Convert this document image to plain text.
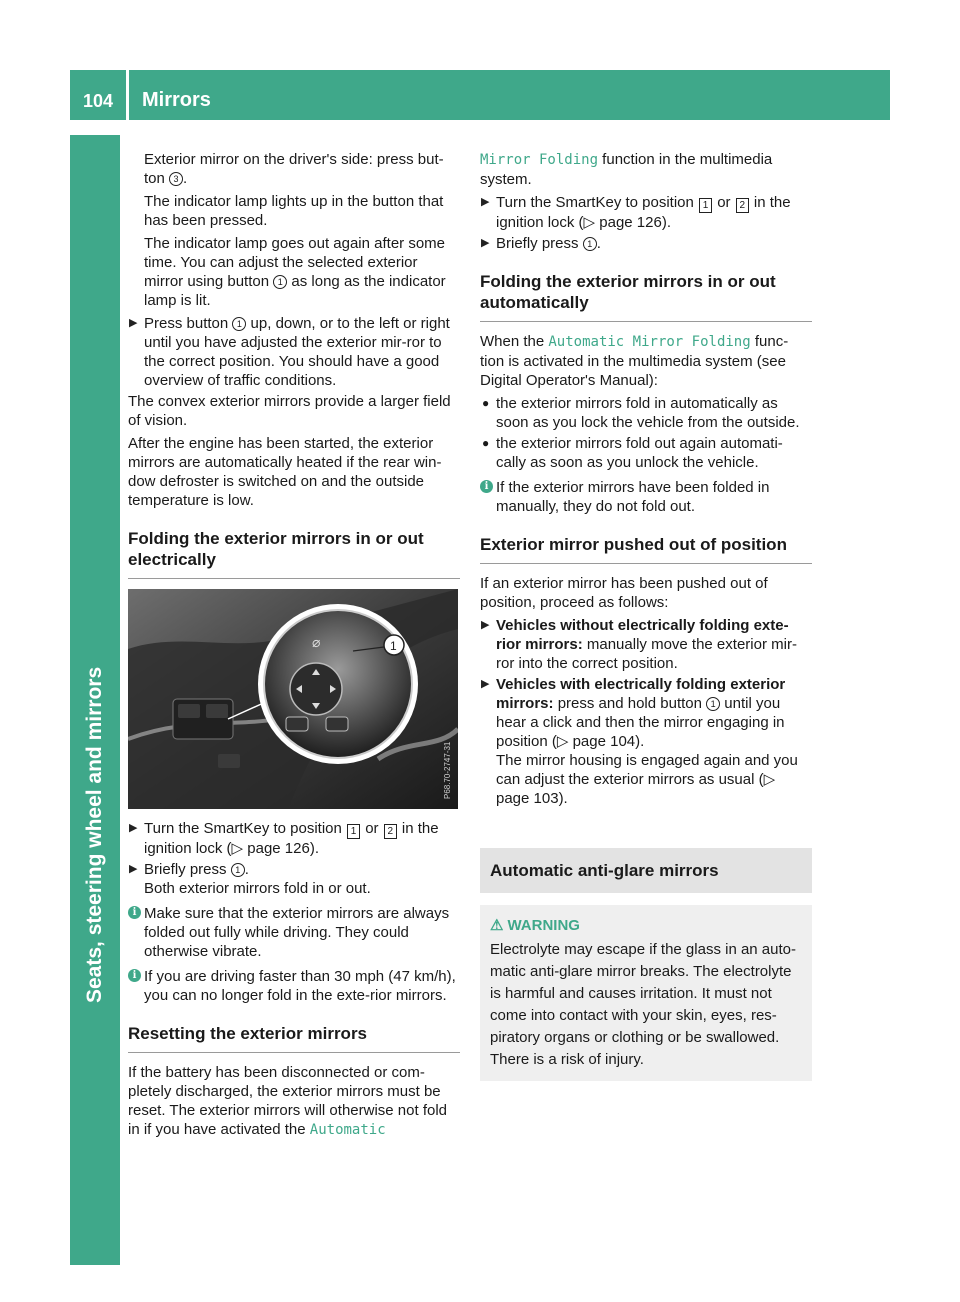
104	Mirrors
Seats, steering wheel and mirrors

Exterior mirror on the driver's side: press but-ton 3 .

The indicator lamp lights up in the button that has been pressed.

The indicator lamp goes out again after some time. You can adjust the selected exterior mirror using button 1 as long as the indicator lamp is lit.

▶ Press button 1 up, down, or to the left or right until you have adjusted the exterior mir-ror to the correct position. You should have a good overview of traffic conditions.

The convex exterior mirrors provide a larger field of vision.

After the engine has been started, the exterior mirrors are automatically heated if the rear win-dow defroster is switched on and the outside temperature is low.

Folding the exterior mirrors in or out electrically
⌀	1
P68.70-2747-31
▶ Turn the SmartKey to position 1 or 2 in the ignition lock (▷ page 126).
▶ Briefly press 1 .
Both exterior mirrors fold in or out.
i Make sure that the exterior mirrors are always folded out fully while driving. They could otherwise vibrate.
i If you are driving faster than 30 mph (47 km/h), you can no longer fold in the exte-rior mirrors.
Resetting the exterior mirrors

If the battery has been disconnected or com-pletely discharged, the exterior mirrors must be reset. The exterior mirrors will otherwise not fold in if you have activated the Automatic

Mirror Folding function in the multimedia system.

▶ Turn the SmartKey to position 1 or 2 in the ignition lock (▷ page 126).
▶ Briefly press 1 .
Folding the exterior mirrors in or out automatically

When the Automatic Mirror Folding func-tion is activated in the multimedia system (see Digital Operator's Manual):

● the exterior mirrors fold in automatically as soon as you lock the vehicle from the outside.
● the exterior mirrors fold out again automati-cally as soon as you unlock the vehicle.
i If the exterior mirrors have been folded in manually, they do not fold out.
Exterior mirror pushed out of position

If an exterior mirror has been pushed out of position, proceed as follows:

▶ Vehicles without electrically folding exte-rior mirrors: manually move the exterior mir-ror into the correct position.
▶ Vehicles with electrically folding exterior mirrors: press and hold button 1 until you hear a click and then the mirror engaging in position (▷ page 104).
The mirror housing is engaged again and you can adjust the exterior mirrors as usual (▷ page 103).
Automatic anti-glare mirrors
⚠ WARNING
Electrolyte may escape if the glass in an auto-matic anti-glare mirror breaks. The electrolyte is harmful and causes irritation. It must not come into contact with your skin, eyes, res-piratory organs or clothing or be swallowed. There is a risk of injury.
